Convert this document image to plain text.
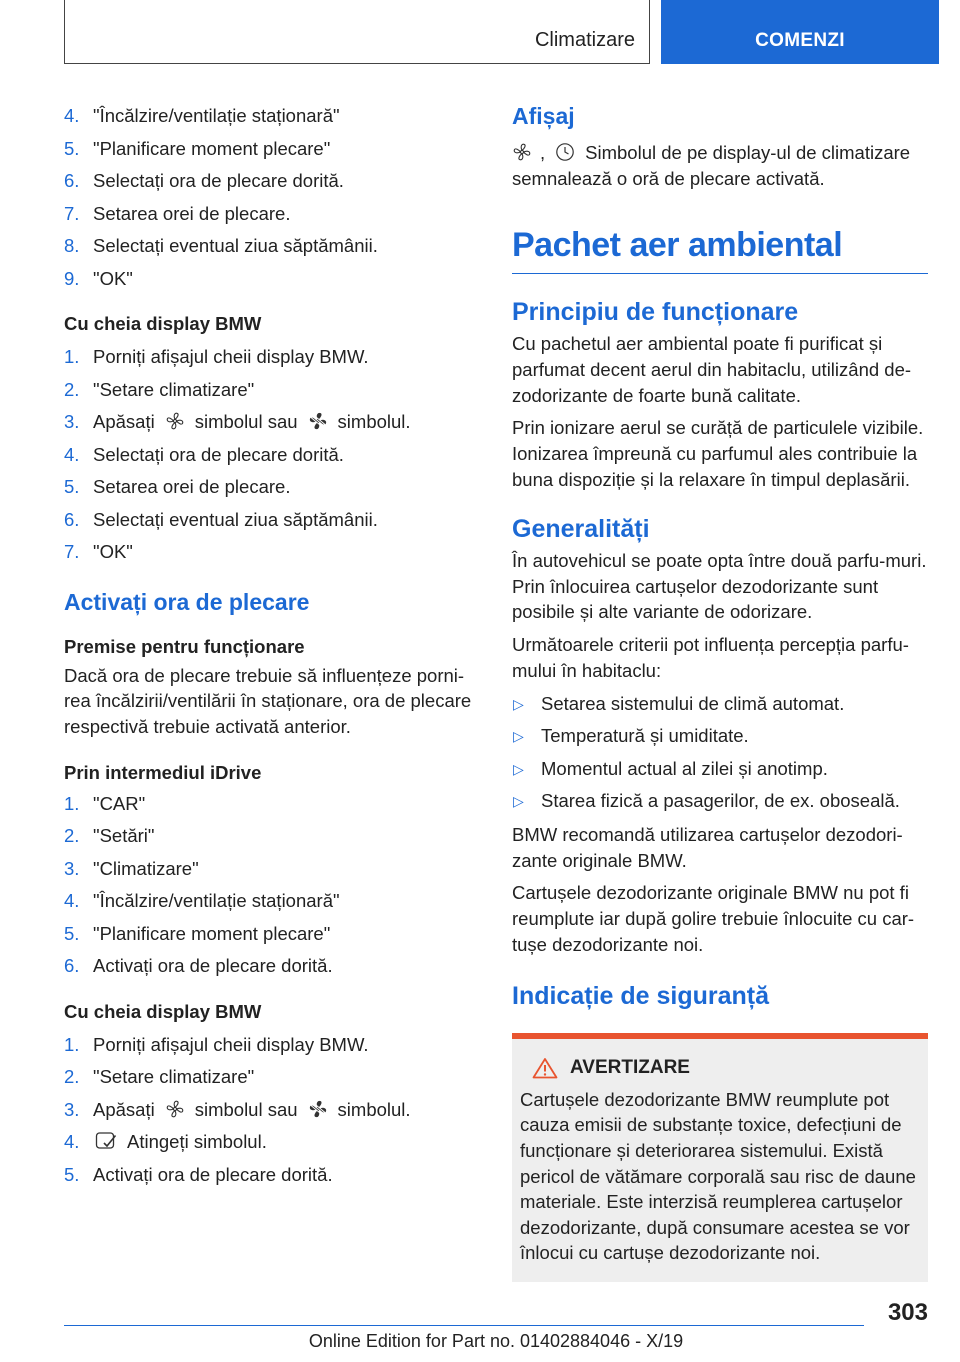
Climatizare	COMENZI
4. "Încălzire/ventilație staționară"
5. "Planificare moment plecare"
6. Selectați ora de plecare dorită.
7. Setarea orei de plecare.
8. Selectați eventual ziua săptămânii.
9. "OK"
Cu cheia display BMW
1. Porniți afișajul cheii display BMW.
2. "Setare climatizare"
3. Apăsați simbolul sau simbolul.
4. Selectați ora de plecare dorită.
5. Setarea orei de plecare.
6. Selectați eventual ziua săptămânii.
7. "OK"
Activați ora de plecare
Premise pentru funcționare

Dacă ora de plecare trebuie să influențeze porni-rea încălzirii/ventilării în staționare, ora de plecare respectivă trebuie activată anterior.

Prin intermediul iDrive
1. "CAR"
2. "Setări"
3. "Climatizare"
4. "Încălzire/ventilație staționară"
5. "Planificare moment plecare"
6. Activați ora de plecare dorită.
Cu cheia display BMW
1. Porniți afișajul cheii display BMW.
2. "Setare climatizare"
3. Apăsați simbolul sau simbolul.
4.	Atingeți simbolul.
5. Activați ora de plecare dorită.
Afișaj

, Simbolul de pe display-ul de climatizare semnalează o oră de plecare activată.

Pachet aer ambiental
Principiu de funcționare

Cu pachetul aer ambiental poate fi purificat și parfumat decent aerul din habitaclu, utilizând de-zodorizante de foarte bună calitate.

Prin ionizare aerul se curăță de particulele vizibile. Ionizarea împreună cu parfumul ales contribuie la buna dispoziție și la relaxare în timpul deplasării.

Generalități

În autovehicul se poate opta între două parfu-muri. Prin înlocuirea cartușelor dezodorizante sunt posibile și alte variante de odorizare.

Următoarele criterii pot influența percepția parfu-mului în habitaclu:

▷ Setarea sistemului de climă automat.
▷ Temperatură și umiditate.
▷ Momentul actual al zilei și anotimp.
▷ Starea fizică a pasagerilor, de ex. oboseală.

BMW recomandă utilizarea cartușelor dezodori-zante originale BMW.

Cartușele dezodorizante originale BMW nu pot fi reumplute iar după golire trebuie înlocuite cu car-tușe dezodorizante noi.

Indicație de siguranță
AVERTIZARE

Cartușele dezodorizante BMW reumplute pot cauza emisii de substanțe toxice, defecțiuni de funcționare și deteriorarea sistemului. Există pericol de vătămare corporală sau risc de daune materiale. Este interzisă reumplerea cartușelor dezodorizante, după consumare acestea se vor înlocui cu cartușe dezodorizante noi.

303
Online Edition for Part no. 01402884046 - X/19
